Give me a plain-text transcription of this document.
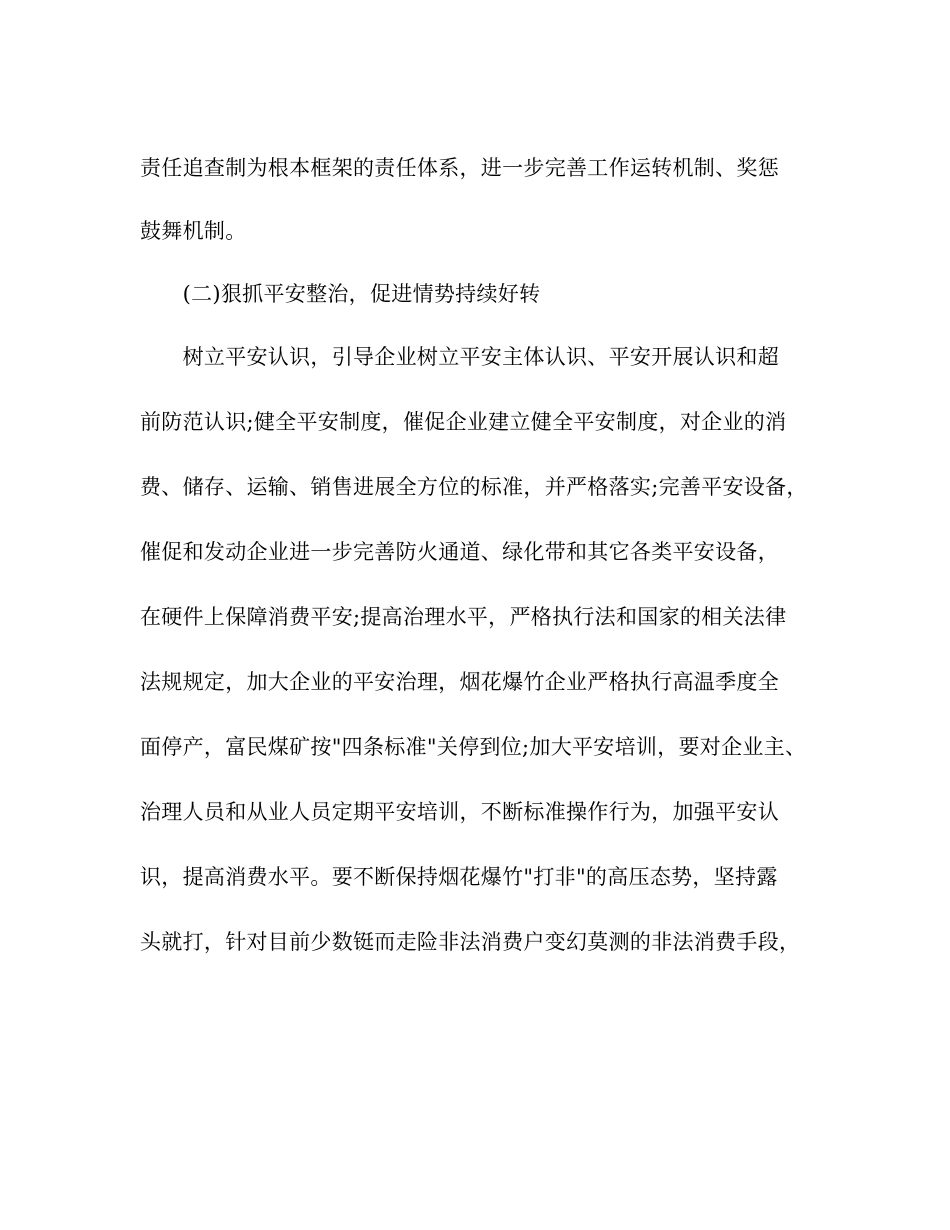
责任追查制为根本框架的责任体系，进一步完善工作运转机制、奖惩
鼓舞机制。
　　(二)狠抓平安整治，促进情势持续好转
　　树立平安认识，引导企业树立平安主体认识、平安开展认识和超
前防范认识;健全平安制度，催促企业建立健全平安制度，对企业的消
费、储存、运输、销售进展全方位的标准，并严格落实;完善平安设备，
催促和发动企业进一步完善防火通道、绿化带和其它各类平安设备，
在硬件上保障消费平安;提高治理水平，严格执行法和国家的相关法律
法规规定，加大企业的平安治理，烟花爆竹企业严格执行高温季度全
面停产，富民煤矿按"四条标准"关停到位;加大平安培训，要对企业主、
治理人员和从业人员定期平安培训，不断标准操作行为，加强平安认
识，提高消费水平。要不断保持烟花爆竹"打非"的高压态势，坚持露
头就打，针对目前少数铤而走险非法消费户变幻莫测的非法消费手段，
